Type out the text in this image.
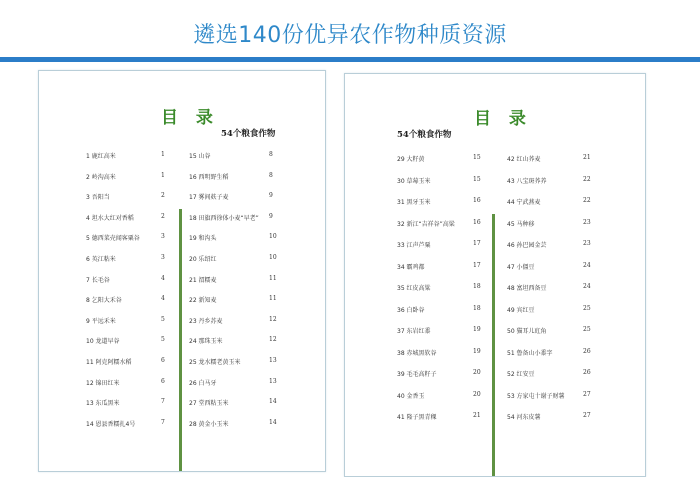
遴选140份优异农作物种质资源
目 录
54个粮食作物
1 鹿红高米	1
2 岭沟高米	1
3 吾阳当	2
4 坦水大红对香稻	2
5 德西菜壳闻客粟谷	3
6 英江粘米	3
7 长毛谷	4
8 乞阳大禾谷	4
9 平远禾米	5
10 龙道早谷	5
11 阿克阿糯水稻	6
12 锦田红米	6
13 东瓜黑米	7
14 恩县香糯扎4号	7
15 山谷	8
16 西明野生稻	8
17 雾间麸子麦	9
18 田旗西徐体小麦“早老” 9
19 和沟头	10
20 乐绍红	10
21 渭糯麦	11
22 新知麦	11
23 丹乡苏麦	12
24 那珠玉米	12
25 龙水糯老黄玉米	13
26 白马牙	13
27 堂西粘玉米	14
28 黄金小玉米	14
目 录
54个粮食作物
29 大籽黄	15
30 草莓玉米	15
31 黑牙玉米	16
32 新江“吉祥谷”高粱	16
33 江声芦粟	17
34 霸鸡都	17
35 红皮高粱	18
36 白卧谷	18
37 东岩红黍	19
38 赤城黑软谷	19
39 毛毛高籽子	20
40 金香玉	20
41 隆子黑青稞	21
42 红山荞麦	21
43 八宝斑荞养	22
44 宁武燕麦	22
45 马种移	23
46 孙巴园金芸	23
47 小僵豆	24
48 富坦西备豆	24
49 宾红豆	25
50 猫耳儿豇角	25
51 鲁备山小黍字	26
52 红安豆	26
53 方家屯十谢子财薯	27
54 河东皮薯	27
